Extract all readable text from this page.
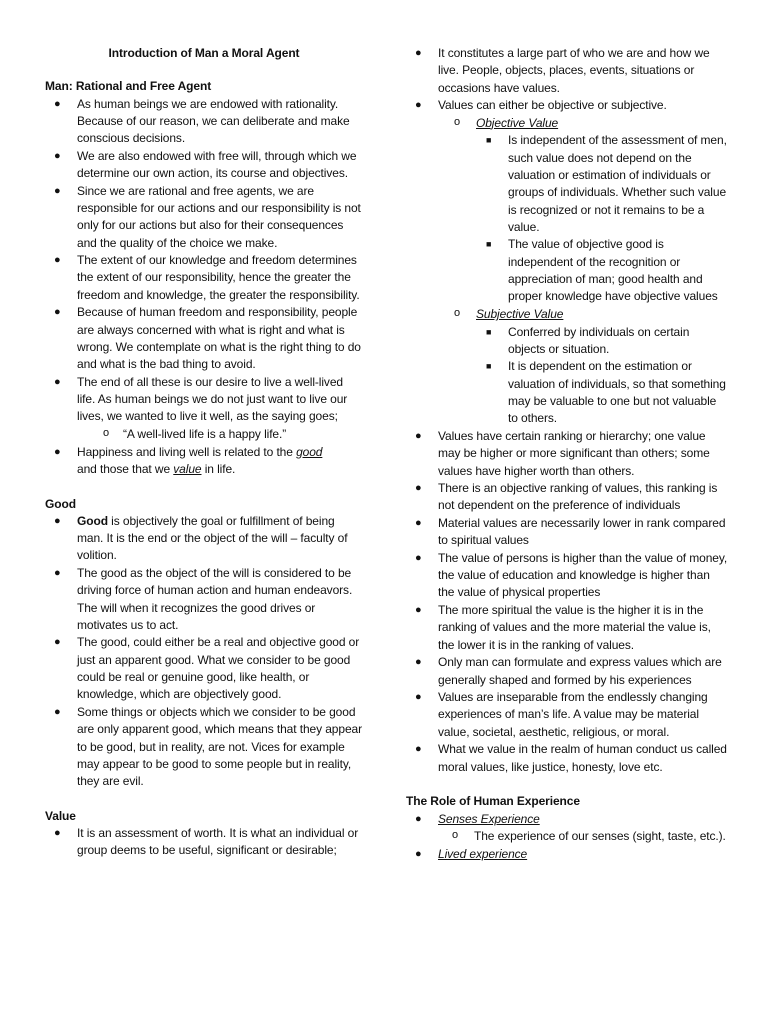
Introduction of Man a Moral Agent

Man: Rational and Free Agent

● As human beings we are endowed with rationality. Because of our reason, we can deliberate and make conscious decisions.
● We are also endowed with free will, through which we determine our own action, its course and objectives.
● Since we are rational and free agents, we are responsible for our actions and our responsibility is not only for our actions but also for their consequences and the quality of the choice we make.
● The extent of our knowledge and freedom determines the extent of our responsibility, hence the greater the freedom and knowledge, the greater the responsibility.
● Because of human freedom and responsibility, people are always concerned with what is right and what is wrong. We contemplate on what is the right thing to do and what is the bad thing to avoid.
● The end of all these is our desire to live a well-lived life. As human beings we do not just want to live our lives, we wanted to live it well, as the saying goes;
o “A well-lived life is a happy life.”
● Happiness and living well is related to the good
and those that we value in life.

Good

● Good is objectively the goal or fulfillment of being man. It is the end or the object of the will – faculty of volition.
● The good as the object of the will is considered to be driving force of human action and human endeavors. The will when it recognizes the good drives or motivates us to act.
● The good, could either be a real and objective good or just an apparent good. What we consider to be good could be real or genuine good, like health, or knowledge, which are objectively good.
● Some things or objects which we consider to be good are only apparent good, which means that they appear to be good, but in reality, are not. Vices for example may appear to be good to some people but in reality, they are evil.

Value

● It is an assessment of worth. It is what an individual or group deems to be useful, significant or desirable;
● It constitutes a large part of who we are and how we live. People, objects, places, events, situations or occasions have values.
● Values can either be objective or subjective.
o Objective Value
■ Is independent of the assessment of men, such value does not depend on the valuation or estimation of individuals or groups of individuals. Whether such value is recognized or not it remains to be a value.
■ The value of objective good is independent of the recognition or appreciation of man; good health and proper knowledge have objective values
o Subjective Value
■ Conferred by individuals on certain objects or situation.
■ It is dependent on the estimation or valuation of individuals, so that something may be valuable to one but not valuable to others.
● Values have certain ranking or hierarchy; one value may be higher or more significant than others; some values have higher worth than others.
● There is an objective ranking of values, this ranking is not dependent on the preference of individuals
● Material values are necessarily lower in rank compared to spiritual values
● The value of persons is higher than the value of money, the value of education and knowledge is higher than the value of physical properties
● The more spiritual the value is the higher it is in the ranking of values and the more material the value is, the lower it is in the ranking of values.
● Only man can formulate and express values which are generally shaped and formed by his experiences
● Values are inseparable from the endlessly changing experiences of man’s life. A value may be material value, societal, aesthetic, religious, or moral.
● What we value in the realm of human conduct us called moral values, like justice, honesty, love etc.

The Role of Human Experience

● Senses Experience
o The experience of our senses (sight, taste, etc.).
● Lived experience
